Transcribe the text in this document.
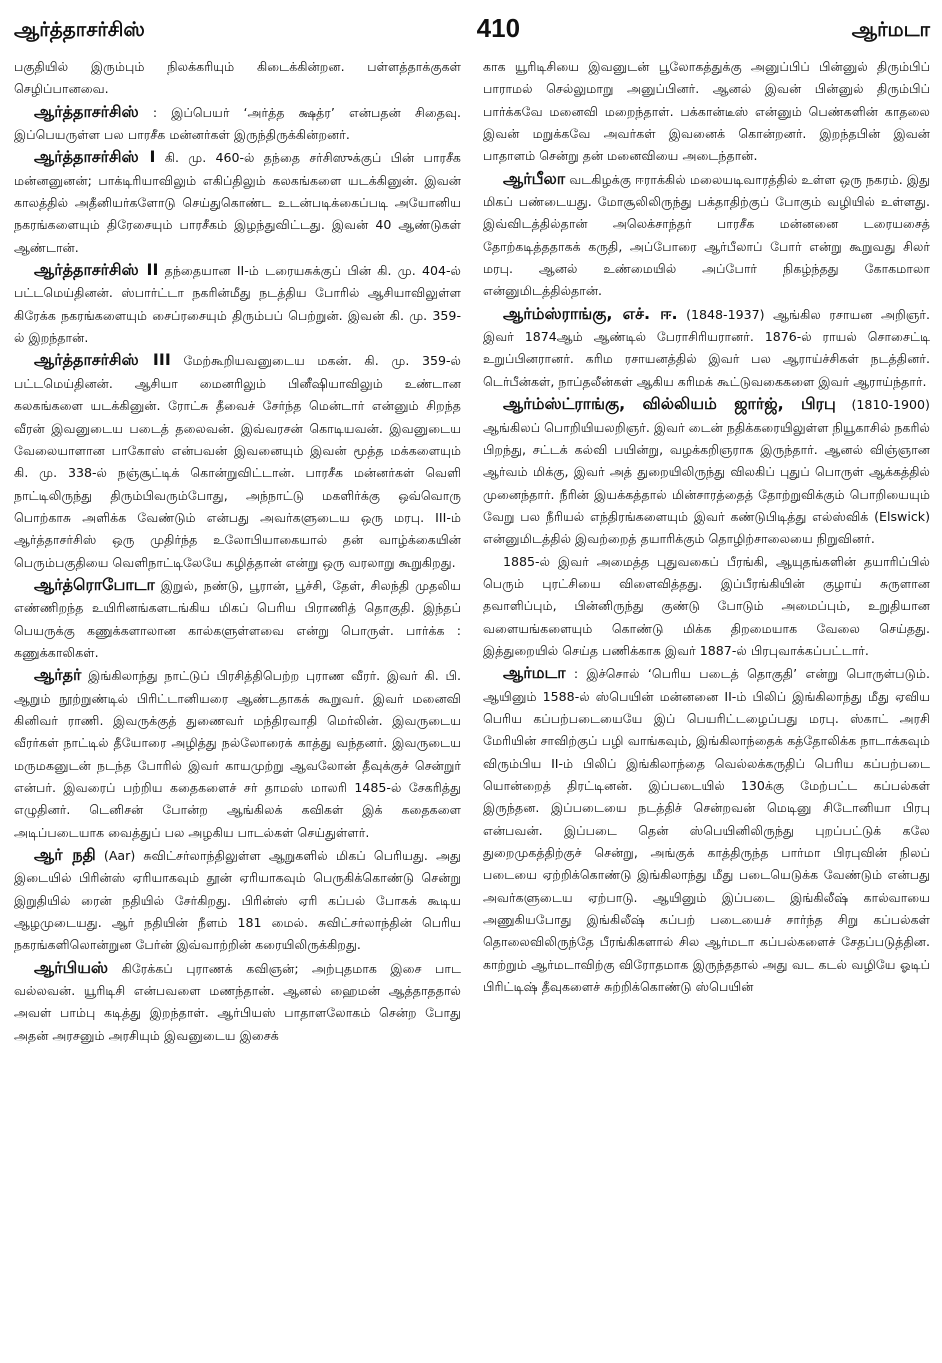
ஆர்த்தாசர்சிஸ்	410	ஆர்மடா

பகுதியில் இரும்பும் நிலக்கரியும் கிடைக்கின்றன. பள்ளத்தாக்குகள் செழிப்பானவை.

ஆர்த்தாசர்சிஸ் : இப்பெயர் ‘அர்த்த க்ஷத்ர’ என்பதன் சிதைவு. இப்பெயருள்ள பல பாரசீக மன்னர்கள் இருந்திருக்கின்றனர்.

ஆர்த்தாசர்சிஸ் I கி. மு. 460-ல் தந்தை சர்சிஸுக்குப் பின் பாரசீக மன்னனுனன்; பாக்டிரியாவிலும் எகிப்திலும் கலகங்களை யடக்கினுன். இவன் காலத்தில் அதீனியர்களோடு செய்துகொண்ட உடன்படிக்கைப்படி அயோனிய நகரங்களையும் திரேசையும் பாரசீகம் இழந்துவிட்டது. இவன் 40 ஆண்டுகள் ஆண்டான்.

ஆர்த்தாசர்சிஸ் II தந்தையான II-ம் டரையசுக்குப் பின் கி. மு. 404-ல் பட்டமெய்தினன். ஸ்பார்ட்டா நகரின்மீது நடத்திய போரில் ஆசியாவிலுள்ள கிரேக்க நகரங்களையும் சைப்ரசையும் திரும்பப் பெற்றுன். இவன் கி. மு. 359-ல் இறந்தான்.

ஆர்த்தாசர்சிஸ் III மேற்கூறியவனுடைய மகன். கி. மு. 359-ல் பட்டமெய்தினன். ஆசியா மைனரிலும் பினீஷியாவிலும் உண்டான கலகங்களை யடக்கினுன். ரோட்சு தீவைச் சேர்ந்த மென்டார் என்னும் சிறந்த வீரன் இவனுடைய படைத் தலைவன். இவ்வரசன் கொடியவன். இவனுடைய வேலையாளான பாகோஸ் என்பவன் இவனையும் இவன் மூத்த மக்களையும் கி. மு. 338-ல் நஞ்சூட்டிக் கொன்றுவிட்டான். பாரசீக மன்னர்கள் வெளி நாட்டிலிருந்து திரும்பிவரும்போது, அந்நாட்டு மகளிர்க்கு ஒவ்வொரு பொற்காசு அளிக்க வேண்டும் என்பது அவர்களுடைய ஒரு மரபு. III-ம் ஆர்த்தாசர்சிஸ் ஒரு முதிர்ந்த உலோபியாகையால் தன் வாழ்க்கையின் பெரும்பகுதியை வெளிநாட்டிலேயே கழித்தான் என்று ஒரு வரலாறு கூறுகிறது.

ஆர்த்ரொபோடா இறுல், நண்டு, பூரான், பூச்சி, தேள், சிலந்தி முதலிய எண்ணிறந்த உயிரினங்களடங்கிய மிகப் பெரிய பிராணித் தொகுதி. இந்தப் பெயருக்கு கணுக்களாலான கால்களுள்ளவை என்று பொருள். பார்க்க : கணுக்காலிகள்.

ஆர்தர் இங்கிலாந்து நாட்டுப் பிரசித்திபெற்ற புராண வீரர். இவர் கி. பி. ஆறும் நூற்றுண்டில் பிரிட்டானியரை ஆண்டதாகக் கூறுவர். இவர் மனைவி கினிவர் ராணி. இவருக்குத் துணைவர் மந்திரவாதி மெர்லின். இவருடைய வீரர்கள் நாட்டில் தீயோரை அழித்து நல்லோரைக் காத்து வந்தனர். இவருடைய மருமகனுடன் நடந்த போரில் இவர் காயமுற்று ஆவலோன் தீவுக்குச் சென்றுர் என்பர். இவரைப் பற்றிய கதைகளைச் சர் தாமஸ் மாலரி 1485-ல் சேகரித்து எழுதினர். டெனிசன் போன்ற ஆங்கிலக் கவிகள் இக் கதைகளை அடிப்படையாக வைத்துப் பல அழகிய பாடல்கள் செய்துள்ளர்.

ஆர் நதி (Aar) சுவிட்சர்லாந்திலுள்ள ஆறுகளில் மிகப் பெரியது. அது இடையில் பிரின்ஸ் ஏரியாகவும் தூன் ஏரியாகவும் பெருகிக்கொண்டு சென்று இறுதியில் ரைன் நதியில் சேர்கிறது. பிரின்ஸ் ஏரி கப்பல் போகக் கூடிய ஆழமுடையது. ஆர் நதியின் நீளம் 181 மைல். சுவிட்சர்லாந்தின் பெரிய நகரங்களிலொன்றுன பேர்ன் இவ்வாற்றின் கரையிலிருக்கிறது.

ஆர்பியஸ் கிரேக்கப் புராணக் கவிஞன்; அற்புதமாக இசை பாட வல்லவன். யூரிடிசி என்பவளை மணந்தான். ஆனல் ஹைமன் ஆத்தாததால் அவள் பாம்பு கடித்து இறந்தாள். ஆர்பியஸ் பாதாளலோகம் சென்ற போது அதன் அரசனும் அரசியும் இவனுடைய இசைக்

காக யூரிடிசியை இவனுடன் பூலோகத்துக்கு அனுப்பிப் பின்னுல் திரும்பிப் பாராமல் செல்லுமாறு அனுப்பினர். ஆனல் இவன் பின்னுல் திரும்பிப் பார்க்கவே மனைவி மறைந்தாள். பக்கான்டீஸ் என்னும் பெண்களின் காதலை இவன் மறுக்கவே அவர்கள் இவனைக் கொன்றனர். இறந்தபின் இவன் பாதாளம் சென்று தன் மனைவியை அடைந்தான்.

ஆர்பீலா வடகிழக்கு ஈராக்கில் மலையடிவாரத்தில் உள்ள ஒரு நகரம். இது மிகப் பண்டையது. மோசூலிலிருந்து பக்தாதிற்குப் போகும் வழியில் உள்ளது. இவ்விடத்தில்தான் அலெக்சாந்தர் பாரசீக மன்னனை டரையசைத் தோற்கடித்ததாகக் கருதி, அப்போரை ஆர்பீலாப் போர் என்று கூறுவது சிலர் மரபு. ஆனல் உண்மையில் அப்போர் நிகழ்ந்தது கோகமாலா என்னுமிடத்தில்தான்.

ஆர்ம்ஸ்ராங்கு, எச். ஈ. (1848-1937) ஆங்கில ரசாயன அறிஞர். இவர் 1874ஆம் ஆண்டில் பேராசிரியரானர். 1876-ல் ராயல் சொசைட்டி உறுப்பினரானர். கரிம ரசாயனத்தில் இவர் பல ஆராய்ச்சிகள் நடத்தினர். டெர்பீன்கள், நாப்தலீன்கள் ஆகிய கரிமக் கூட்டுவகைகளை இவர் ஆராய்ந்தார்.

ஆர்ம்ஸ்ட்ராங்கு, வில்லியம் ஜார்ஜ், பிரபு (1810-1900) ஆங்கிலப் பொறியியலறிஞர். இவர் டைன் நதிக்கரையிலுள்ள நியூகாசில் நகரில் பிறந்து, சட்டக் கல்வி பயின்று, வழக்கறிஞராக இருந்தார். ஆனல் விஞ்ஞான ஆர்வம் மிக்கு, இவர் அத் துறையிலிருந்து விலகிப் புதுப் பொருள் ஆக்கத்தில் முனைந்தார். நீரின் இயக்கத்தால் மின்சாரத்தைத் தோற்றுவிக்கும் பொறியையும் வேறு பல நீரியல் எந்திரங்களையும் இவர் கண்டுபிடித்து எல்ஸ்விக் (Elswick) என்னுமிடத்தில் இவற்றைத் தயாரிக்கும் தொழிற்சாலையை நிறுவினர்.

1885-ல் இவர் அமைத்த புதுவகைப் பீரங்கி, ஆயுதங்களின் தயாரிப்பில் பெரும் புரட்சியை விளைவித்தது. இப்பீரங்கியின் குழாய் சுருளான தவாளிப்பும், பின்னிருந்து குண்டு போடும் அமைப்பும், உறுதியான வளையங்களையும் கொண்டு மிக்க திறமையாக வேலை செய்தது. இத்துறையில் செய்த பணிக்காக இவர் 1887-ல் பிரபுவாக்கப்பட்டார்.

ஆர்மடா : இச்சொல் ‘பெரிய படைத் தொகுதி’ என்று பொருள்படும். ஆயினும் 1588-ல் ஸ்பெயின் மன்னனை II-ம் பிலிப் இங்கிலாந்து மீது ஏவிய பெரிய கப்பற்படையையே இப் பெயரிட்டழைப்பது மரபு. ஸ்காட் அரசி மேரியின் சாவிற்குப் பழி வாங்கவும், இங்கிலாந்தைக் கத்தோலிக்க நாடாக்கவும் விரும்பிய II-ம் பிலிப் இங்கிலாந்தை வெல்லக்கருதிப் பெரிய கப்பற்படை யொன்றைத் திரட்டினன். இப்படையில் 130க்கு மேற்பட்ட கப்பல்கள் இருந்தன. இப்படையை நடத்திச் சென்றவன் மெடினு சிடோனியா பிரபு என்பவன். இப்படை தென் ஸ்பெயினிலிருந்து புறப்பட்டுக் கலே துறைமுகத்திற்குச் சென்று, அங்குக் காத்திருந்த பார்மா பிரபுவின் நிலப் படையை ஏற்றிக்கொண்டு இங்கிலாந்து மீது படையெடுக்க வேண்டும் என்பது அவர்களுடைய ஏற்பாடு. ஆயினும் இப்படை இங்கிலீஷ் கால்வாயை அணுகியபோது இங்கிலீஷ் கப்பற் படையைச் சார்ந்த சிறு கப்பல்கள் தொலைவிலிருந்தே பீரங்கிகளால் சில ஆர்மடா கப்பல்களைச் சேதப்படுத்தின. காற்றும் ஆர்மடாவிற்கு விரோதமாக இருந்ததால் அது வட கடல் வழியே ஓடிப் பிரிட்டிஷ் தீவுகளைச் சுற்றிக்கொண்டு ஸ்பெயின்
